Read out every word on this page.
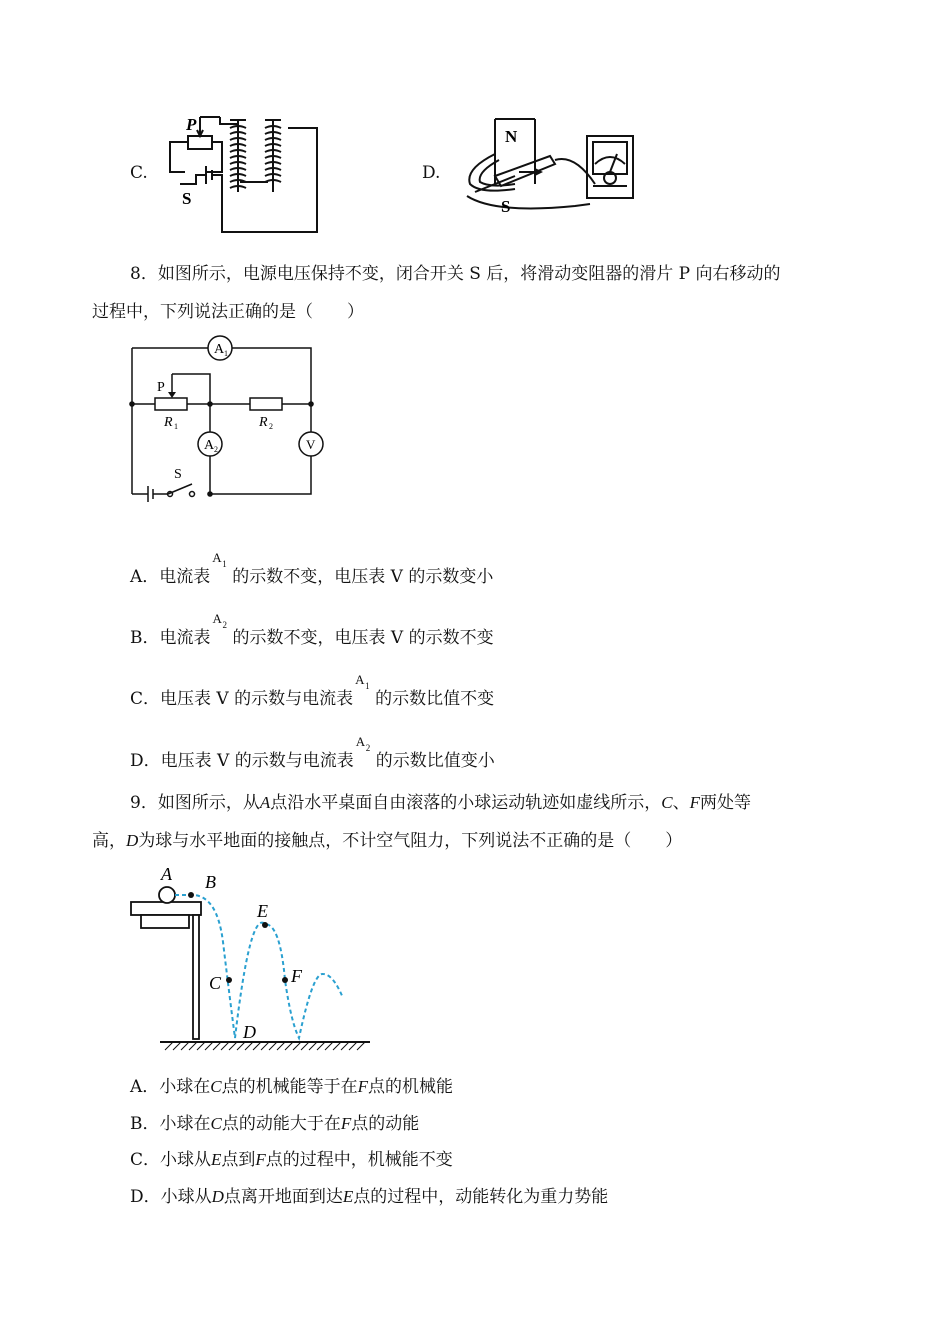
C.
P
S
D.
N
S
8．如图所示，电源电压保持不变，闭合开关 S 后，将滑动变阻器的滑片 P 向右移动的
过程中，下列说法正确的是（　　）
A 1
A 2	V
P
R 1	R 2
S
A．电流表
A 1
的示数不变，电压表 V 的示数变小
B．电流表
A 2
的示数不变，电压表 V 的示数不变
C．电压表 V 的示数与电流表
A 1
的示数比值不变
D．电压表 V 的示数与电流表
A 2
的示数比值变小
9．如图所示，从A点沿水平桌面自由滚落的小球运动轨迹如虚线所示，C、F两处等
高，D为球与水平地面的接触点，不计空气阻力，下列说法不正确的是（　　）
A B
C
D
E
F
A．小球在C点的机械能等于在F点的机械能
B．小球在C点的动能大于在F点的动能
C．小球从E点到F点的过程中，机械能不变
D．小球从D点离开地面到达E点的过程中，动能转化为重力势能
